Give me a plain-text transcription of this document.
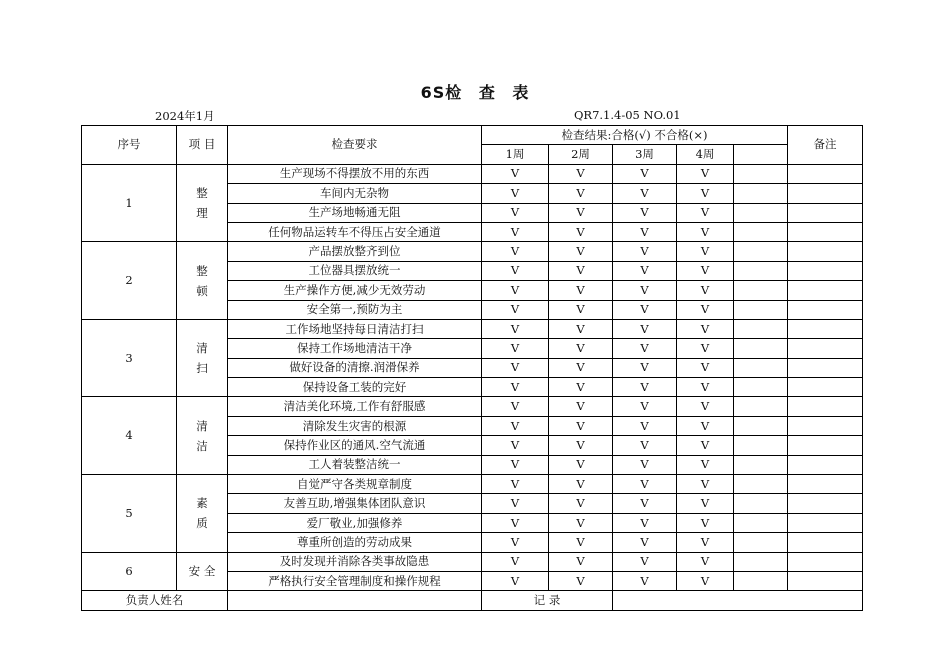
6S检 查 表
2024年1月	QR7.1.4-05 NO.01
序号	项 目	检查要求	检查结果:合格(√) 不合格(×)					备注
			1周	2周	3周	4周		
1	整理	生产现场不得摆放不用的东西	V	V	V	V		
		车间内无杂物	V	V	V	V		
		生产场地畅通无阻	V	V	V	V		
		任何物品运转车不得压占安全通道	V	V	V	V		
2	整顿	产品摆放整齐到位	V	V	V	V		
		工位器具摆放统一	V	V	V	V		
		生产操作方便,减少无效劳动	V	V	V	V		
		安全第一,预防为主	V	V	V	V		
3	清扫	工作场地坚持每日清洁打扫	V	V	V	V		
		保持工作场地清洁干净	V	V	V	V		
		做好设备的清擦.润滑保养	V	V	V	V		
		保持设备工装的完好	V	V	V	V		
4	清洁	清洁美化环境,工作有舒服感	V	V	V	V		
		清除发生灾害的根源	V	V	V	V		
		保持作业区的通风.空气流通	V	V	V	V		
		工人着装整洁统一	V	V	V	V		
5	素质	自觉严守各类规章制度	V	V	V	V		
		友善互助,增强集体团队意识	V	V	V	V		
		爱厂敬业,加强修养	V	V	V	V		
		尊重所创造的劳动成果	V	V	V	V		
6	安 全	及时发现并消除各类事故隐患	V	V	V	V		
		严格执行安全管理制度和操作规程	V	V	V	V		
负责人姓名			记 录					
